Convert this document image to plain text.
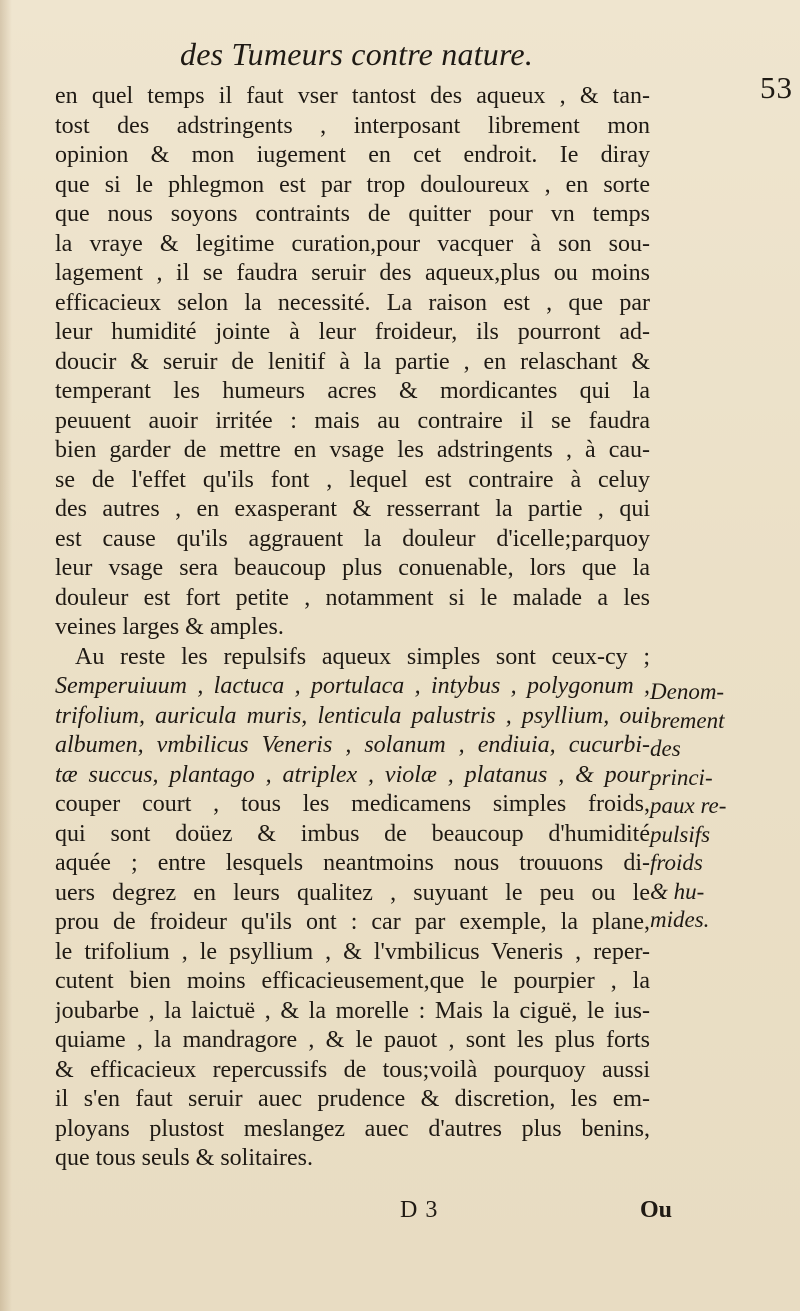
des Tumeurs contre nature.
53
en quel temps il faut vser tantost des aqueux , & tan-
tost des adstringents , interposant librement mon
opinion & mon iugement en cet endroit. Ie diray
que si le phlegmon est par trop douloureux , en sorte
que nous soyons contraints de quitter pour vn temps
la vraye & legitime curation,pour vacquer à son sou-
lagement , il se faudra seruir des aqueux,plus ou moins
efficacieux selon la necessité. La raison est , que par
leur humidité jointe à leur froideur, ils pourront ad-
doucir & seruir de lenitif à la partie , en relaschant &
temperant les humeurs acres & mordicantes qui la
peuuent auoir irritée : mais au contraire il se faudra
bien garder de mettre en vsage les adstringents , à cau-
se de l'effet qu'ils font , lequel est contraire à celuy
des autres , en exasperant & resserrant la partie , qui
est cause qu'ils aggrauent la douleur d'icelle;parquoy
leur vsage sera beaucoup plus conuenable, lors que la
douleur est fort petite , notamment si le malade a les
veines larges & amples.
Au reste les repulsifs aqueux simples sont ceux-cy ;
Semperuiuum , lactuca , portulaca , intybus , polygonum ,
trifolium, auricula muris, lenticula palustris , psyllium, oui
albumen, vmbilicus Veneris , solanum , endiuia, cucurbi-
tæ succus, plantago , atriplex , violæ , platanus , & pour
couper court , tous les medicamens simples froids,
qui sont doüez & imbus de beaucoup d'humidité
aquée ; entre lesquels neantmoins nous trouuons di-
uers degrez en leurs qualitez , suyuant le peu ou le
prou de froideur qu'ils ont : car par exemple, la plane,
le trifolium , le psyllium , & l'vmbilicus Veneris , reper-
cutent bien moins efficacieusement,que le pourpier , la
joubarbe , la laictuë , & la morelle : Mais la ciguë, le ius-
quiame , la mandragore , & le pauot , sont les plus forts
& efficacieux repercussifs de tous;voilà pourquoy aussi
il s'en faut seruir auec prudence & discretion, les em-
ployans plustost meslangez auec d'autres plus benins,
que tous seuls & solitaires.
Denom-
brement
des
princi-
paux re-
pulsifs
froids
& hu-
mides.
D 3	Ou
